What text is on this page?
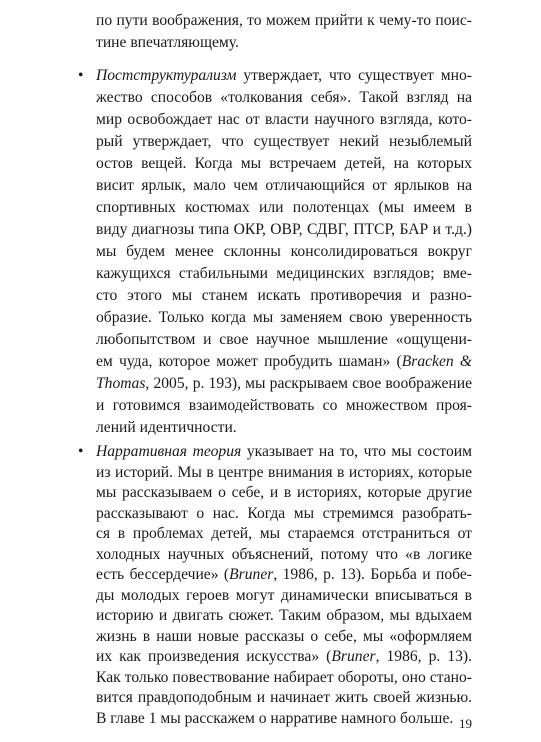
по пути воображения, то можем прийти к чему-то поис-
тине впечатляющему.
• Постструктурализм утверждает, что существует мно-
жество способов «толкования себя». Такой взгляд на
мир освобождает нас от власти научного взгляда, кото-
рый утверждает, что существует некий незыблемый
остов вещей. Когда мы встречаем детей, на которых
висит ярлык, мало чем отличающийся от ярлыков на
спортивных костюмах или полотенцах (мы имеем в
виду диагнозы типа ОКР, ОВР, СДВГ, ПТСР, БАР и т.д.)
мы будем менее склонны консолидироваться вокруг
кажущихся стабильными медицинских взглядов; вме-
сто этого мы станем искать противоречия и разно-
образие. Только когда мы заменяем свою уверенность
любопытством и свое научное мышление «ощущени-
ем чуда, которое может пробудить шаман» (Bracken &
Thomas, 2005, p. 193), мы раскрываем свое воображение
и готовимся взаимодействовать со множеством проя-
лений идентичности.
• Нарративная теория указывает на то, что мы состоим
из историй. Мы в центре внимания в историях, которые
мы рассказываем о себе, и в историях, которые другие
рассказывают о нас. Когда мы стремимся разобрать-
ся в проблемах детей, мы стараемся отстраниться от
холодных научных объяснений, потому что «в логике
есть бессердечие» (Bruner, 1986, p. 13). Борьба и побе-
ды молодых героев могут динамически вписываться в
историю и двигать сюжет. Таким образом, мы вдыхаем
жизнь в наши новые рассказы о себе, мы «оформляем
их как произведения искусства» (Bruner, 1986, p. 13).
Как только повествование набирает обороты, оно стано-
19
вится правдоподобным и начинает жить своей жизнью.
В главе 1 мы расскажем о нарративе намного больше.
